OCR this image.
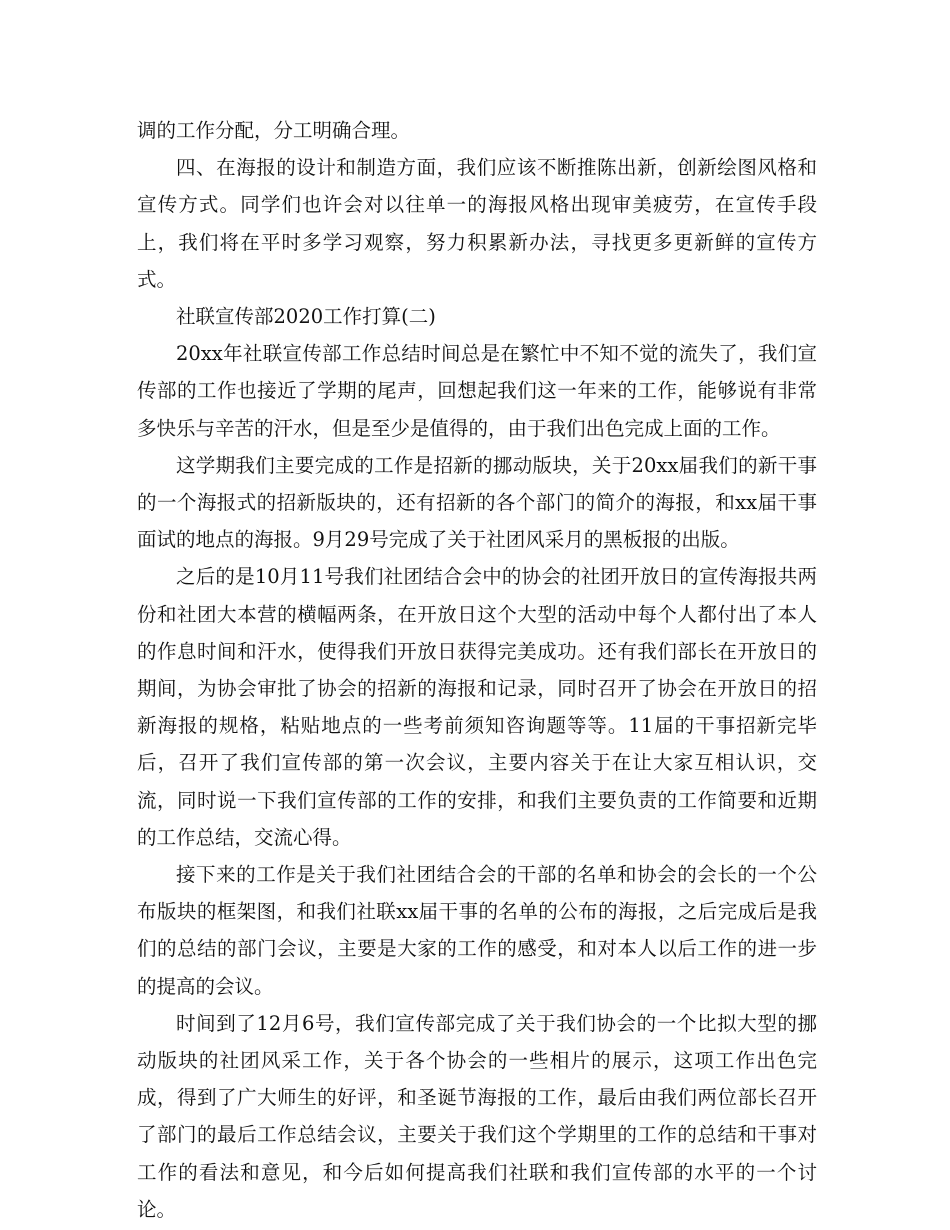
调的工作分配，分工明确合理。

四、在海报的设计和制造方面，我们应该不断推陈出新，创新绘图风格和宣传方式。同学们也许会对以往单一的海报风格出现审美疲劳，在宣传手段上，我们将在平时多学习观察，努力积累新办法，寻找更多更新鲜的宣传方式。

社联宣传部2020工作打算(二)

20xx年社联宣传部工作总结时间总是在繁忙中不知不觉的流失了，我们宣传部的工作也接近了学期的尾声，回想起我们这一年来的工作，能够说有非常多快乐与辛苦的汗水，但是至少是值得的，由于我们出色完成上面的工作。

这学期我们主要完成的工作是招新的挪动版块，关于20xx届我们的新干事的一个海报式的招新版块的，还有招新的各个部门的简介的海报，和xx届干事面试的地点的海报。9月29号完成了关于社团风采月的黑板报的出版。

之后的是10月11号我们社团结合会中的协会的社团开放日的宣传海报共两份和社团大本营的横幅两条，在开放日这个大型的活动中每个人都付出了本人的作息时间和汗水，使得我们开放日获得完美成功。还有我们部长在开放日的期间，为协会审批了协会的招新的海报和记录，同时召开了协会在开放日的招新海报的规格，粘贴地点的一些考前须知咨询题等等。11届的干事招新完毕后，召开了我们宣传部的第一次会议，主要内容关于在让大家互相认识，交流，同时说一下我们宣传部的工作的安排，和我们主要负责的工作简要和近期的工作总结，交流心得。

接下来的工作是关于我们社团结合会的干部的名单和协会的会长的一个公布版块的框架图，和我们社联xx届干事的名单的公布的海报，之后完成后是我们的总结的部门会议，主要是大家的工作的感受，和对本人以后工作的进一步的提高的会议。

时间到了12月6号，我们宣传部完成了关于我们协会的一个比拟大型的挪动版块的社团风采工作，关于各个协会的一些相片的展示，这项工作出色完成，得到了广大师生的好评，和圣诞节海报的工作，最后由我们两位部长召开了部门的最后工作总结会议，主要关于我们这个学期里的工作的总结和干事对工作的看法和意见，和今后如何提高我们社联和我们宣传部的水平的一个讨论。
